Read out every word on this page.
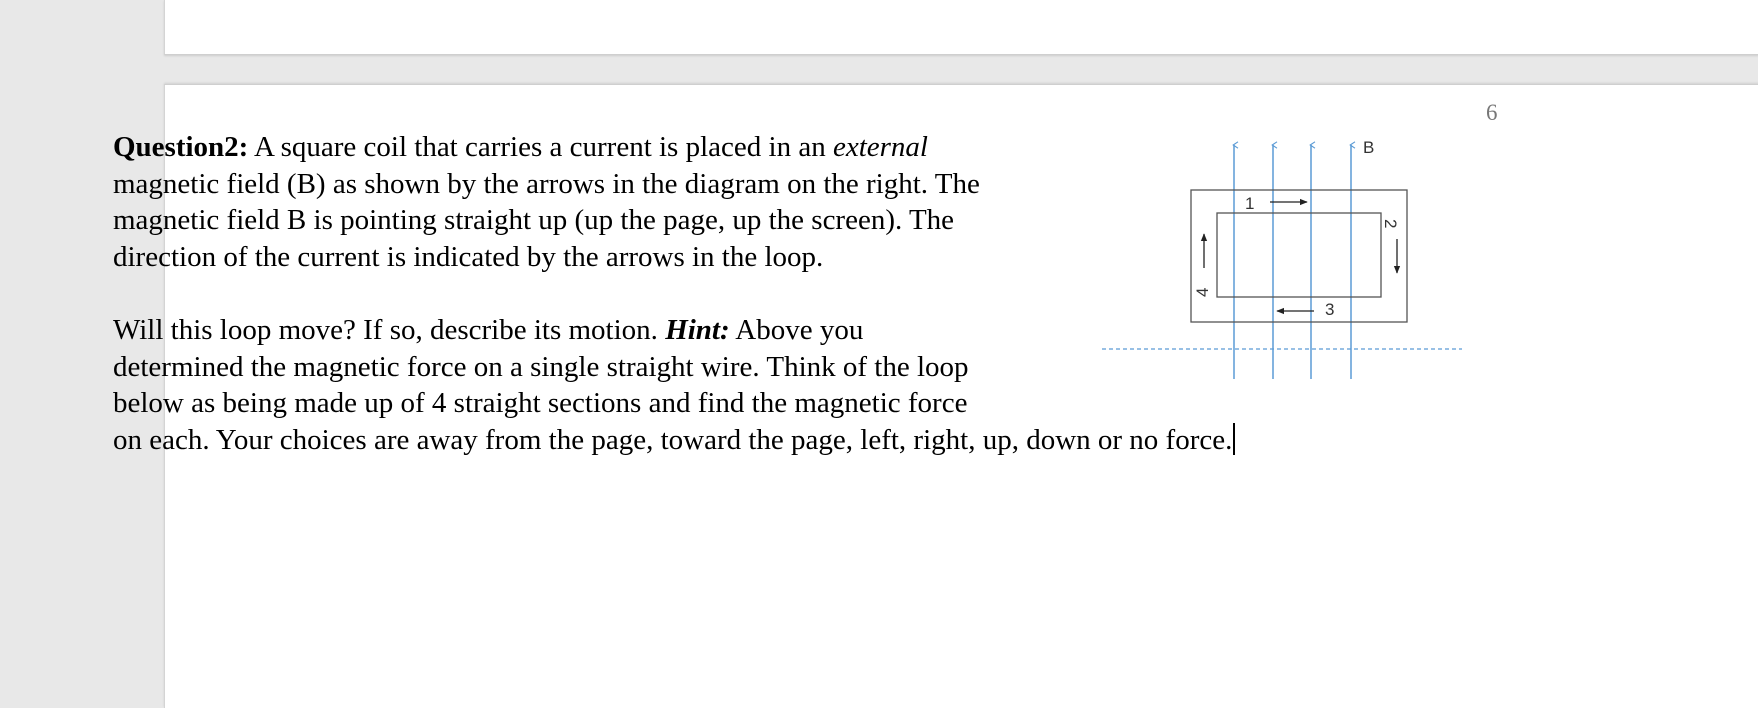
6
Question2: A square coil that carries a current is placed in an external
magnetic field (B) as shown by the arrows in the diagram on the right. The
magnetic field B is pointing straight up (up the page, up the screen). The
direction of the current is indicated by the arrows in the loop.
Will this loop move? If so, describe its motion. Hint: Above you
determined the magnetic force on a single straight wire. Think of the loop
below as being made up of 4 straight sections and find the magnetic force
on each. Your choices are away from the page, toward the page, left, right, up, down or no force.
B
1
2
3
4
